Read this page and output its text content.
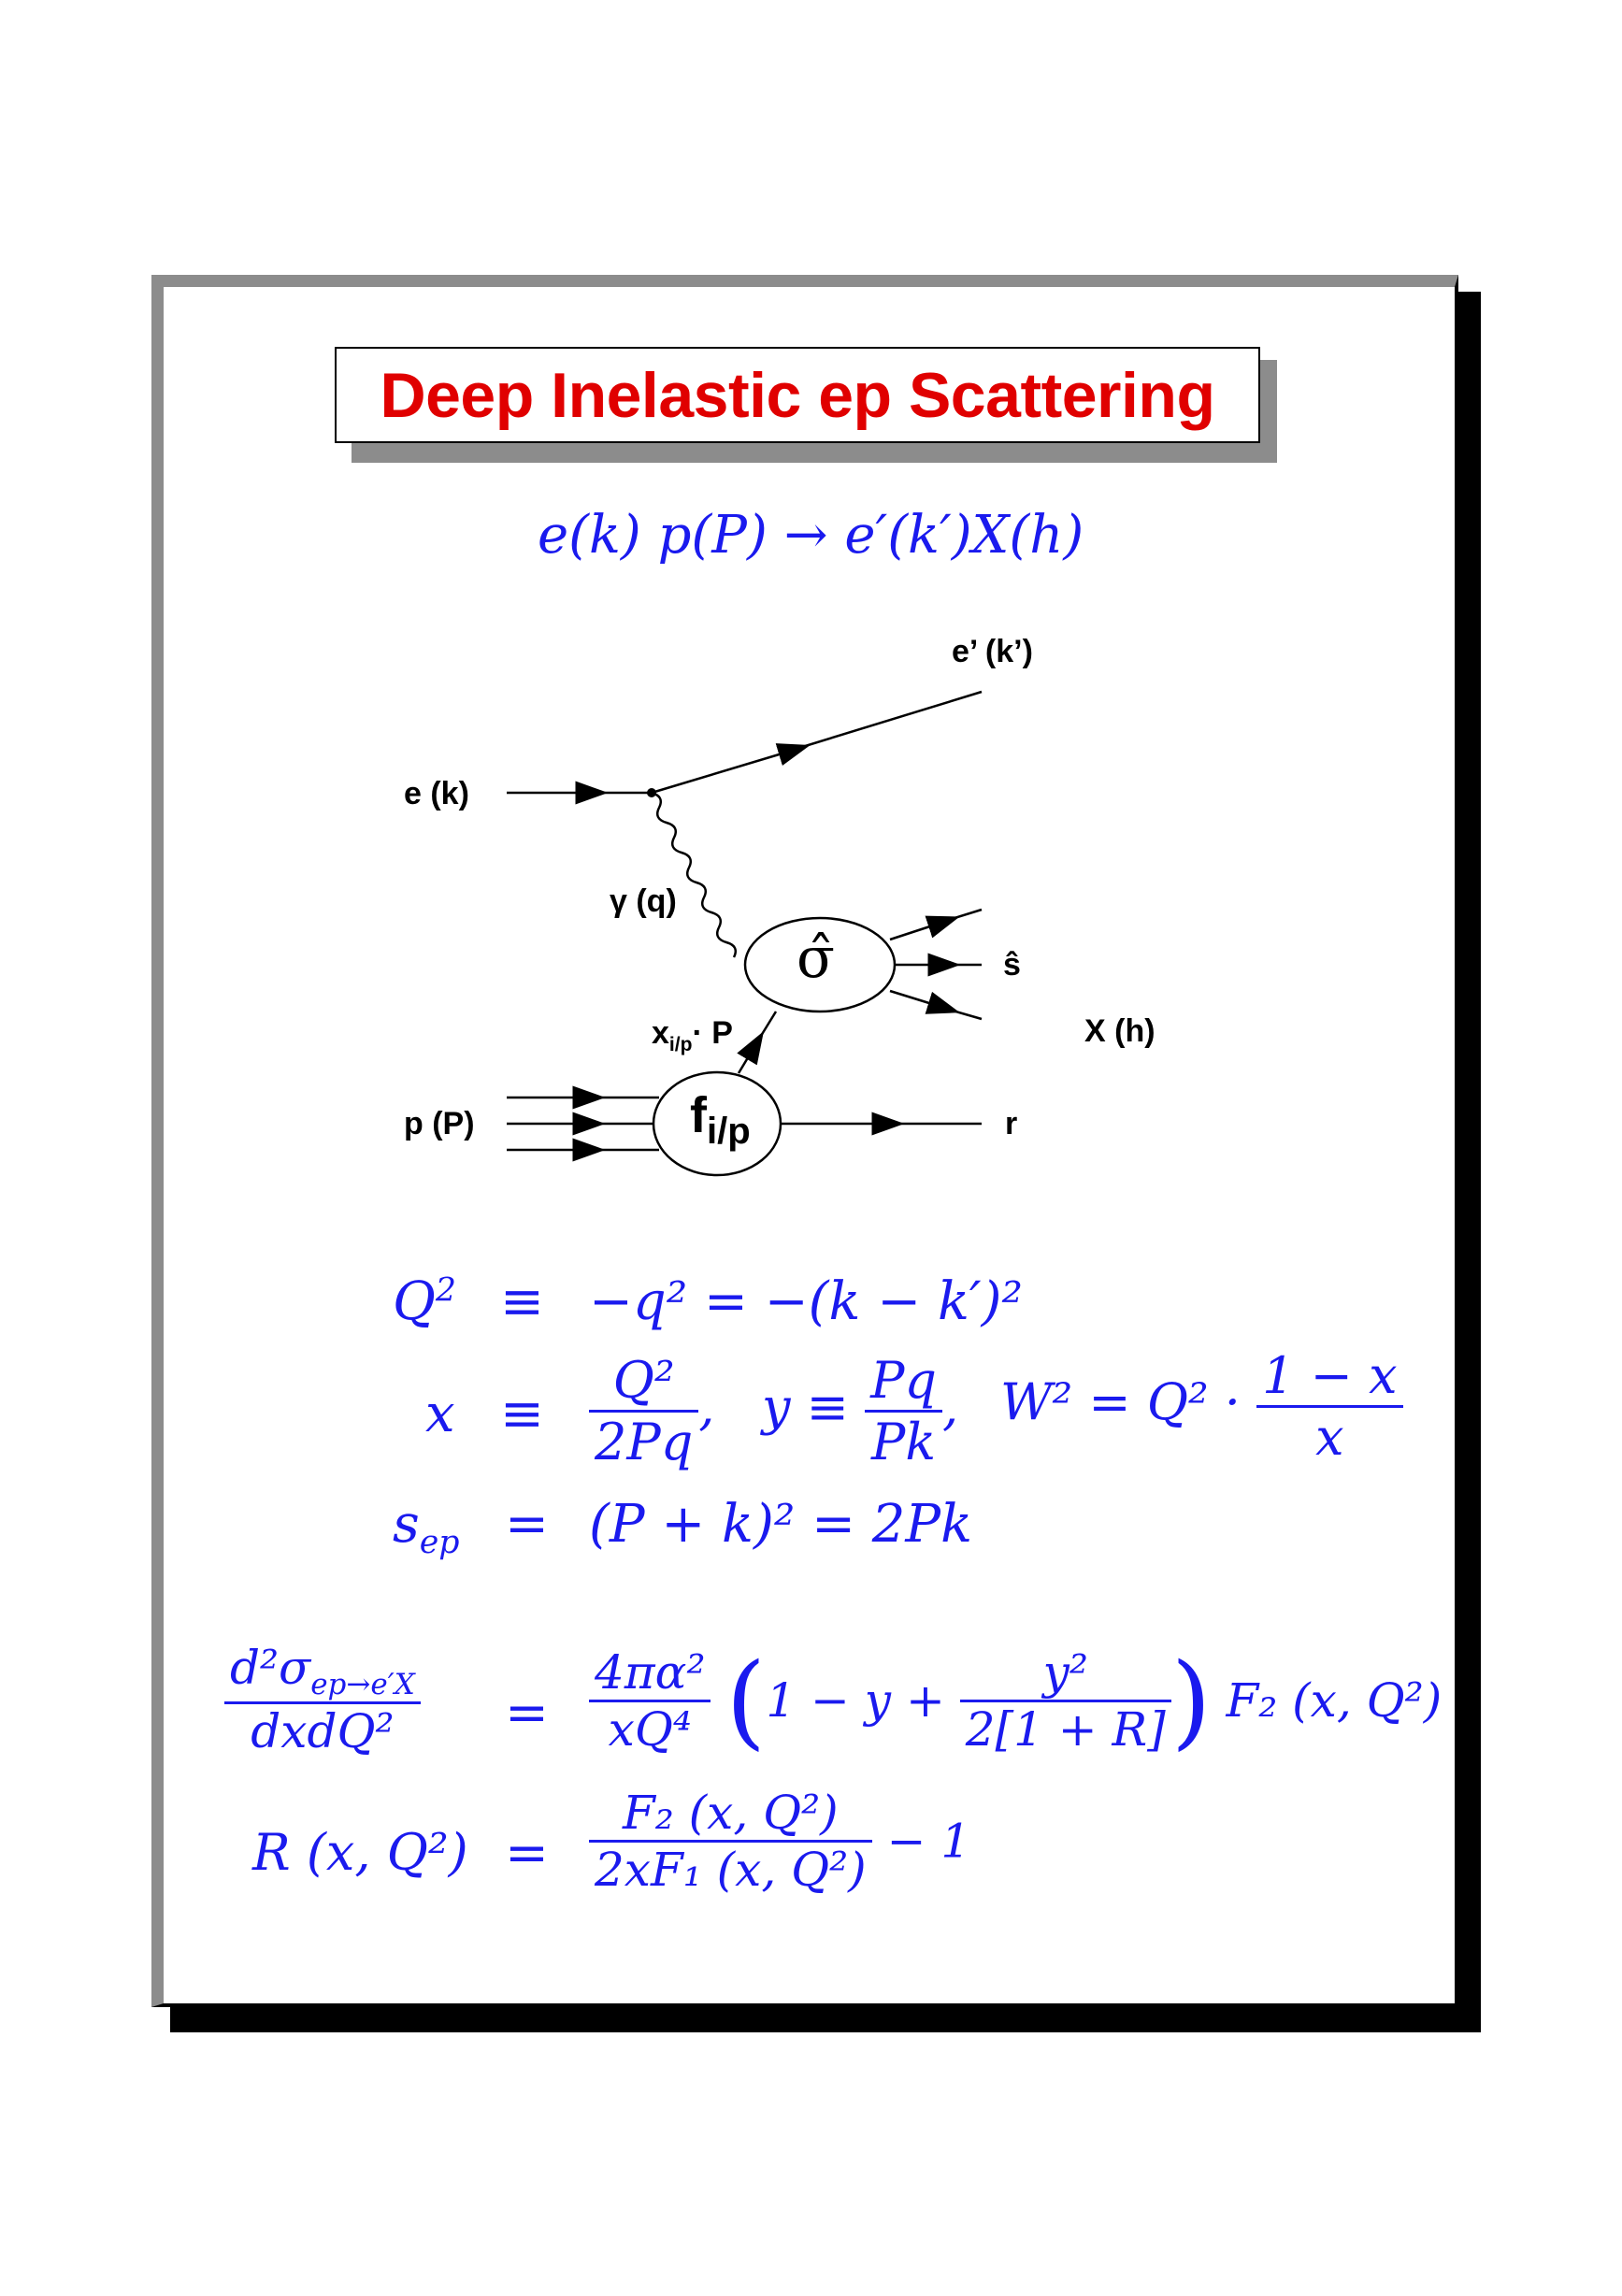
Deep Inelastic ep Scattering
e(k) p(P) → e′(k′)X(h)
e’ (k’)
e (k)
γ (q)
σ̂	ŝ
$x_{i/p}\cdot P$	X (h)
p (P)	$f_{i/p}$	r
$Q^2 \equiv -q^2 = -(k - k')^2$
$x \equiv \frac{\text{Q²}}{2Pq}$ , $y \equiv \frac{Pq}{Pk}$ , $W^2 = Q^2 \cdot \frac{1 - x}{x}$
$s_{ep} = (P + k)^2 = 2Pk$
$\frac{d^2\sigma_{ep\to e'X}}{\text{dxdQ²}} = \frac{\text{4πα²}}{\text{xQ⁴}} (1 - y + \frac{\text{y²}}{2[1 + R]}$ ) F₂ (x, Q²)
R (x, $Q^2) = \frac{\text{F₂ (x, Q²)}}{\text{2xF₁ (x, Q²)}} - 1$
